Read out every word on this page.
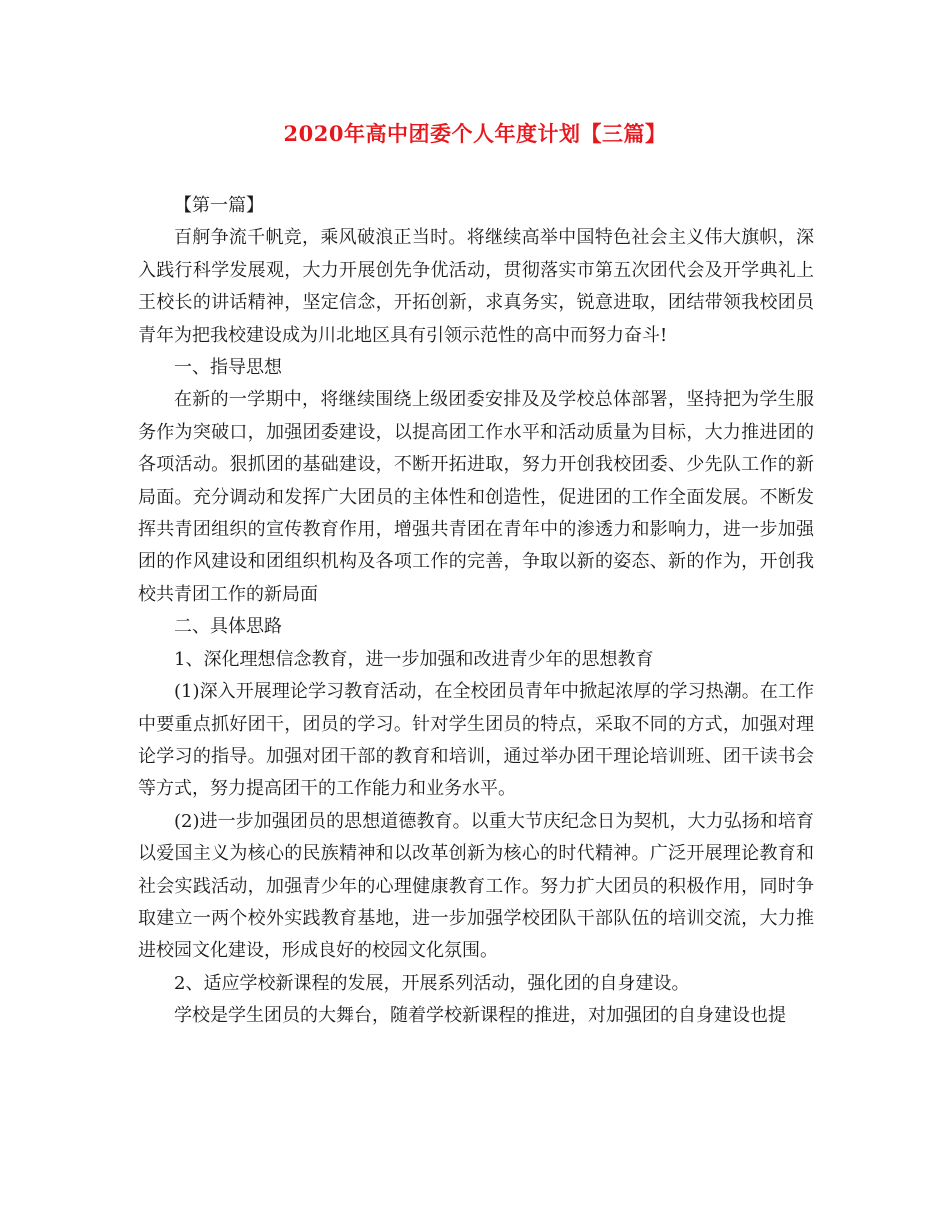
2020年高中团委个人年度计划【三篇】

【第一篇】

百舸争流千帆竞，乘风破浪正当时。将继续高举中国特色社会主义伟大旗帜，深入践行科学发展观，大力开展创先争优活动，贯彻落实市第五次团代会及开学典礼上王校长的讲话精神，坚定信念，开拓创新，求真务实，锐意进取，团结带领我校团员青年为把我校建设成为川北地区具有引领示范性的高中而努力奋斗!

一、指导思想

在新的一学期中，将继续围绕上级团委安排及及学校总体部署，坚持把为学生服务作为突破口，加强团委建设，以提高团工作水平和活动质量为目标，大力推进团的各项活动。狠抓团的基础建设，不断开拓进取，努力开创我校团委、少先队工作的新局面。充分调动和发挥广大团员的主体性和创造性，促进团的工作全面发展。不断发挥共青团组织的宣传教育作用，增强共青团在青年中的渗透力和影响力，进一步加强团的作风建设和团组织机构及各项工作的完善，争取以新的姿态、新的作为，开创我校共青团工作的新局面

二、具体思路

1、深化理想信念教育，进一步加强和改进青少年的思想教育

(1)深入开展理论学习教育活动，在全校团员青年中掀起浓厚的学习热潮。在工作中要重点抓好团干，团员的学习。针对学生团员的特点，采取不同的方式，加强对理论学习的指导。加强对团干部的教育和培训，通过举办团干理论培训班、团干读书会等方式，努力提高团干的工作能力和业务水平。

(2)进一步加强团员的思想道德教育。以重大节庆纪念日为契机，大力弘扬和培育以爱国主义为核心的民族精神和以改革创新为核心的时代精神。广泛开展理论教育和社会实践活动，加强青少年的心理健康教育工作。努力扩大团员的积极作用，同时争取建立一两个校外实践教育基地，进一步加强学校团队干部队伍的培训交流，大力推进校园文化建设，形成良好的校园文化氛围。

2、适应学校新课程的发展，开展系列活动，强化团的自身建设。

学校是学生团员的大舞台，随着学校新课程的推进，对加强团的自身建设也提
